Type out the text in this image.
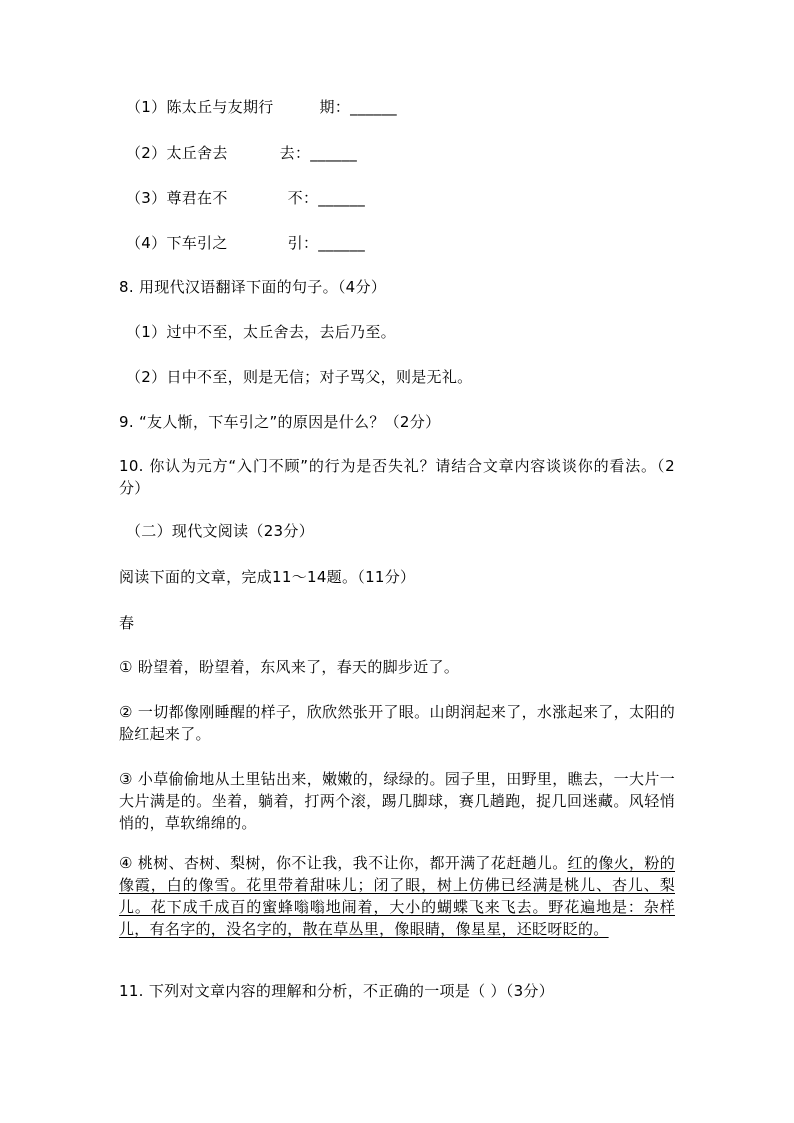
（1）陈太丘与友期行	期：______
（2）太丘舍去	去：______
（3）尊君在不	不：______
（4）下车引之	引：______
8. 用现代汉语翻译下面的句子。（4分）
（1）过中不至，太丘舍去，去后乃至。
（2）日中不至，则是无信；对子骂父，则是无礼。
9. “友人惭，下车引之”的原因是什么？（2分）
10. 你认为元方“入门不顾”的行为是否失礼？请结合文章内容谈谈你的看法。（2分）
（二）现代文阅读（23分）
阅读下面的文章，完成11～14题。（11分）
春
① 盼望着，盼望着，东风来了，春天的脚步近了。
② 一切都像刚睡醒的样子，欣欣然张开了眼。山朗润起来了，水涨起来了，太阳的脸红起来了。
③ 小草偷偷地从土里钻出来，嫩嫩的，绿绿的。园子里，田野里，瞧去，一大片一大片满是的。坐着，躺着，打两个滚，踢几脚球，赛几趟跑，捉几回迷藏。风轻悄悄的，草软绵绵的。
④ 桃树、杏树、梨树，你不让我，我不让你，都开满了花赶趟儿。红的像火，粉的像霞，白的像雪。花里带着甜味儿；闭了眼，树上仿佛已经满是桃儿、杏儿、梨儿。花下成千成百的蜜蜂嗡嗡地闹着，大小的蝴蝶飞来飞去。野花遍地是：杂样儿，有名字的，没名字的，散在草丛里，像眼睛，像星星，还眨呀眨的。
11. 下列对文章内容的理解和分析，不正确的一项是（ ）（3分）
